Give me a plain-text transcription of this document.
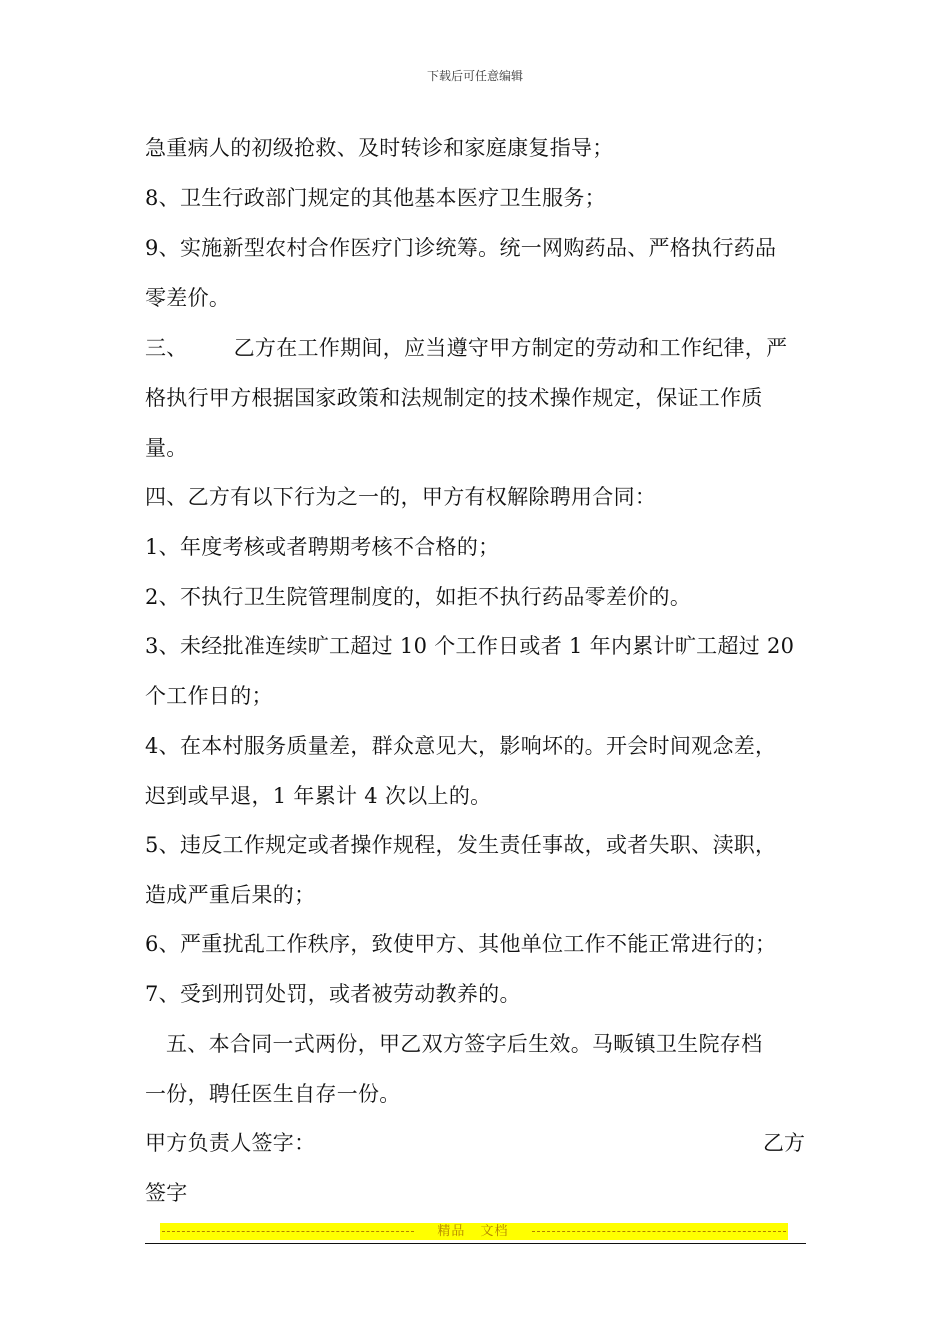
下载后可任意编辑
急重病人的初级抢救、及时转诊和家庭康复指导；
8、卫生行政部门规定的其他基本医疗卫生服务；
9、实施新型农村合作医疗门诊统筹。统一网购药品、严格执行药品
零差价。
三、 乙方在工作期间，应当遵守甲方制定的劳动和工作纪律，严
格执行甲方根据国家政策和法规制定的技术操作规定，保证工作质
量。
四、乙方有以下行为之一的，甲方有权解除聘用合同：
1、年度考核或者聘期考核不合格的；
2、不执行卫生院管理制度的，如拒不执行药品零差价的。
3、未经批准连续旷工超过 10 个工作日或者 1 年内累计旷工超过 20
个工作日的；
4、在本村服务质量差，群众意见大，影响坏的。开会时间观念差，
迟到或早退，1 年累计 4 次以上的。
5、违反工作规定或者操作规程，发生责任事故，或者失职、渎职，
造成严重后果的；
6、严重扰乱工作秩序，致使甲方、其他单位工作不能正常进行的；
7、受到刑罚处罚，或者被劳动教养的。
五、本合同一式两份，甲乙双方签字后生效。马畈镇卫生院存档
一份，聘任医生自存一份。
甲方负责人签字：	乙方
签字
精品 文档
